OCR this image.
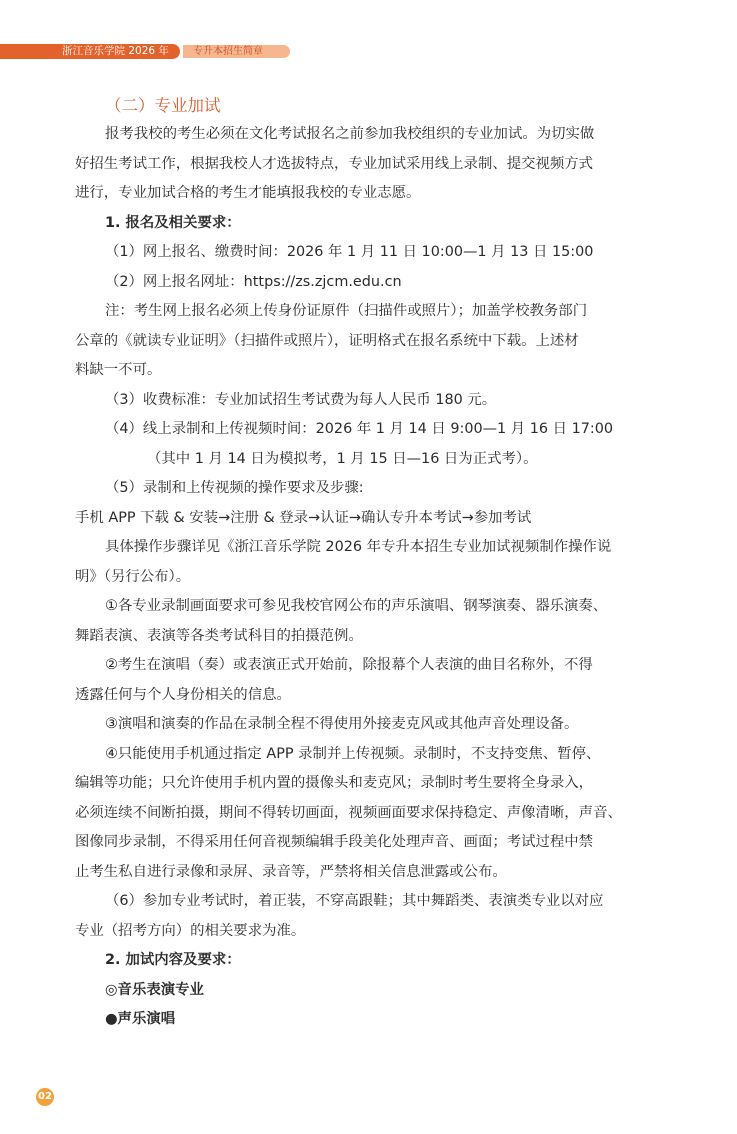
浙江音乐学院 2026 年	专升本招生简章
（二）专业加试

报考我校的考生必须在文化考试报名之前参加我校组织的专业加试。为切实做

好招生考试工作，根据我校人才选拔特点，专业加试采用线上录制、提交视频方式

进行，专业加试合格的考生才能填报我校的专业志愿。

1. 报名及相关要求：

（1）网上报名、缴费时间：2026 年 1 月 11 日 10:00—1 月 13 日 15:00

（2）网上报名网址：https://zs.zjcm.edu.cn

注：考生网上报名必须上传身份证原件（扫描件或照片）；加盖学校教务部门

公章的《就读专业证明》（扫描件或照片），证明格式在报名系统中下载。上述材

料缺一不可。

（3）收费标准：专业加试招生考试费为每人人民币 180 元。

（4）线上录制和上传视频时间：2026 年 1 月 14 日 9:00—1 月 16 日 17:00

（其中 1 月 14 日为模拟考，1 月 15 日—16 日为正式考）。

（5）录制和上传视频的操作要求及步骤:

手机 APP 下载 & 安装→注册 & 登录→认证→确认专升本考试→参加考试

具体操作步骤详见《浙江音乐学院 2026 年专升本招生专业加试视频制作操作说

明》（另行公布）。

①各专业录制画面要求可参见我校官网公布的声乐演唱、钢琴演奏、器乐演奏、

舞蹈表演、表演等各类考试科目的拍摄范例。

②考生在演唱（奏）或表演正式开始前，除报幕个人表演的曲目名称外，不得

透露任何与个人身份相关的信息。

③演唱和演奏的作品在录制全程不得使用外接麦克风或其他声音处理设备。

④只能使用手机通过指定 APP 录制并上传视频。录制时，不支持变焦、暂停、

编辑等功能；只允许使用手机内置的摄像头和麦克风；录制时考生要将全身录入，

必须连续不间断拍摄，期间不得转切画面，视频画面要求保持稳定、声像清晰，声音、

图像同步录制，不得采用任何音视频编辑手段美化处理声音、画面；考试过程中禁

止考生私自进行录像和录屏、录音等，严禁将相关信息泄露或公布。

（6）参加专业考试时，着正装，不穿高跟鞋；其中舞蹈类、表演类专业以对应

专业（招考方向）的相关要求为准。

2. 加试内容及要求：

◎音乐表演专业

●声乐演唱

02
